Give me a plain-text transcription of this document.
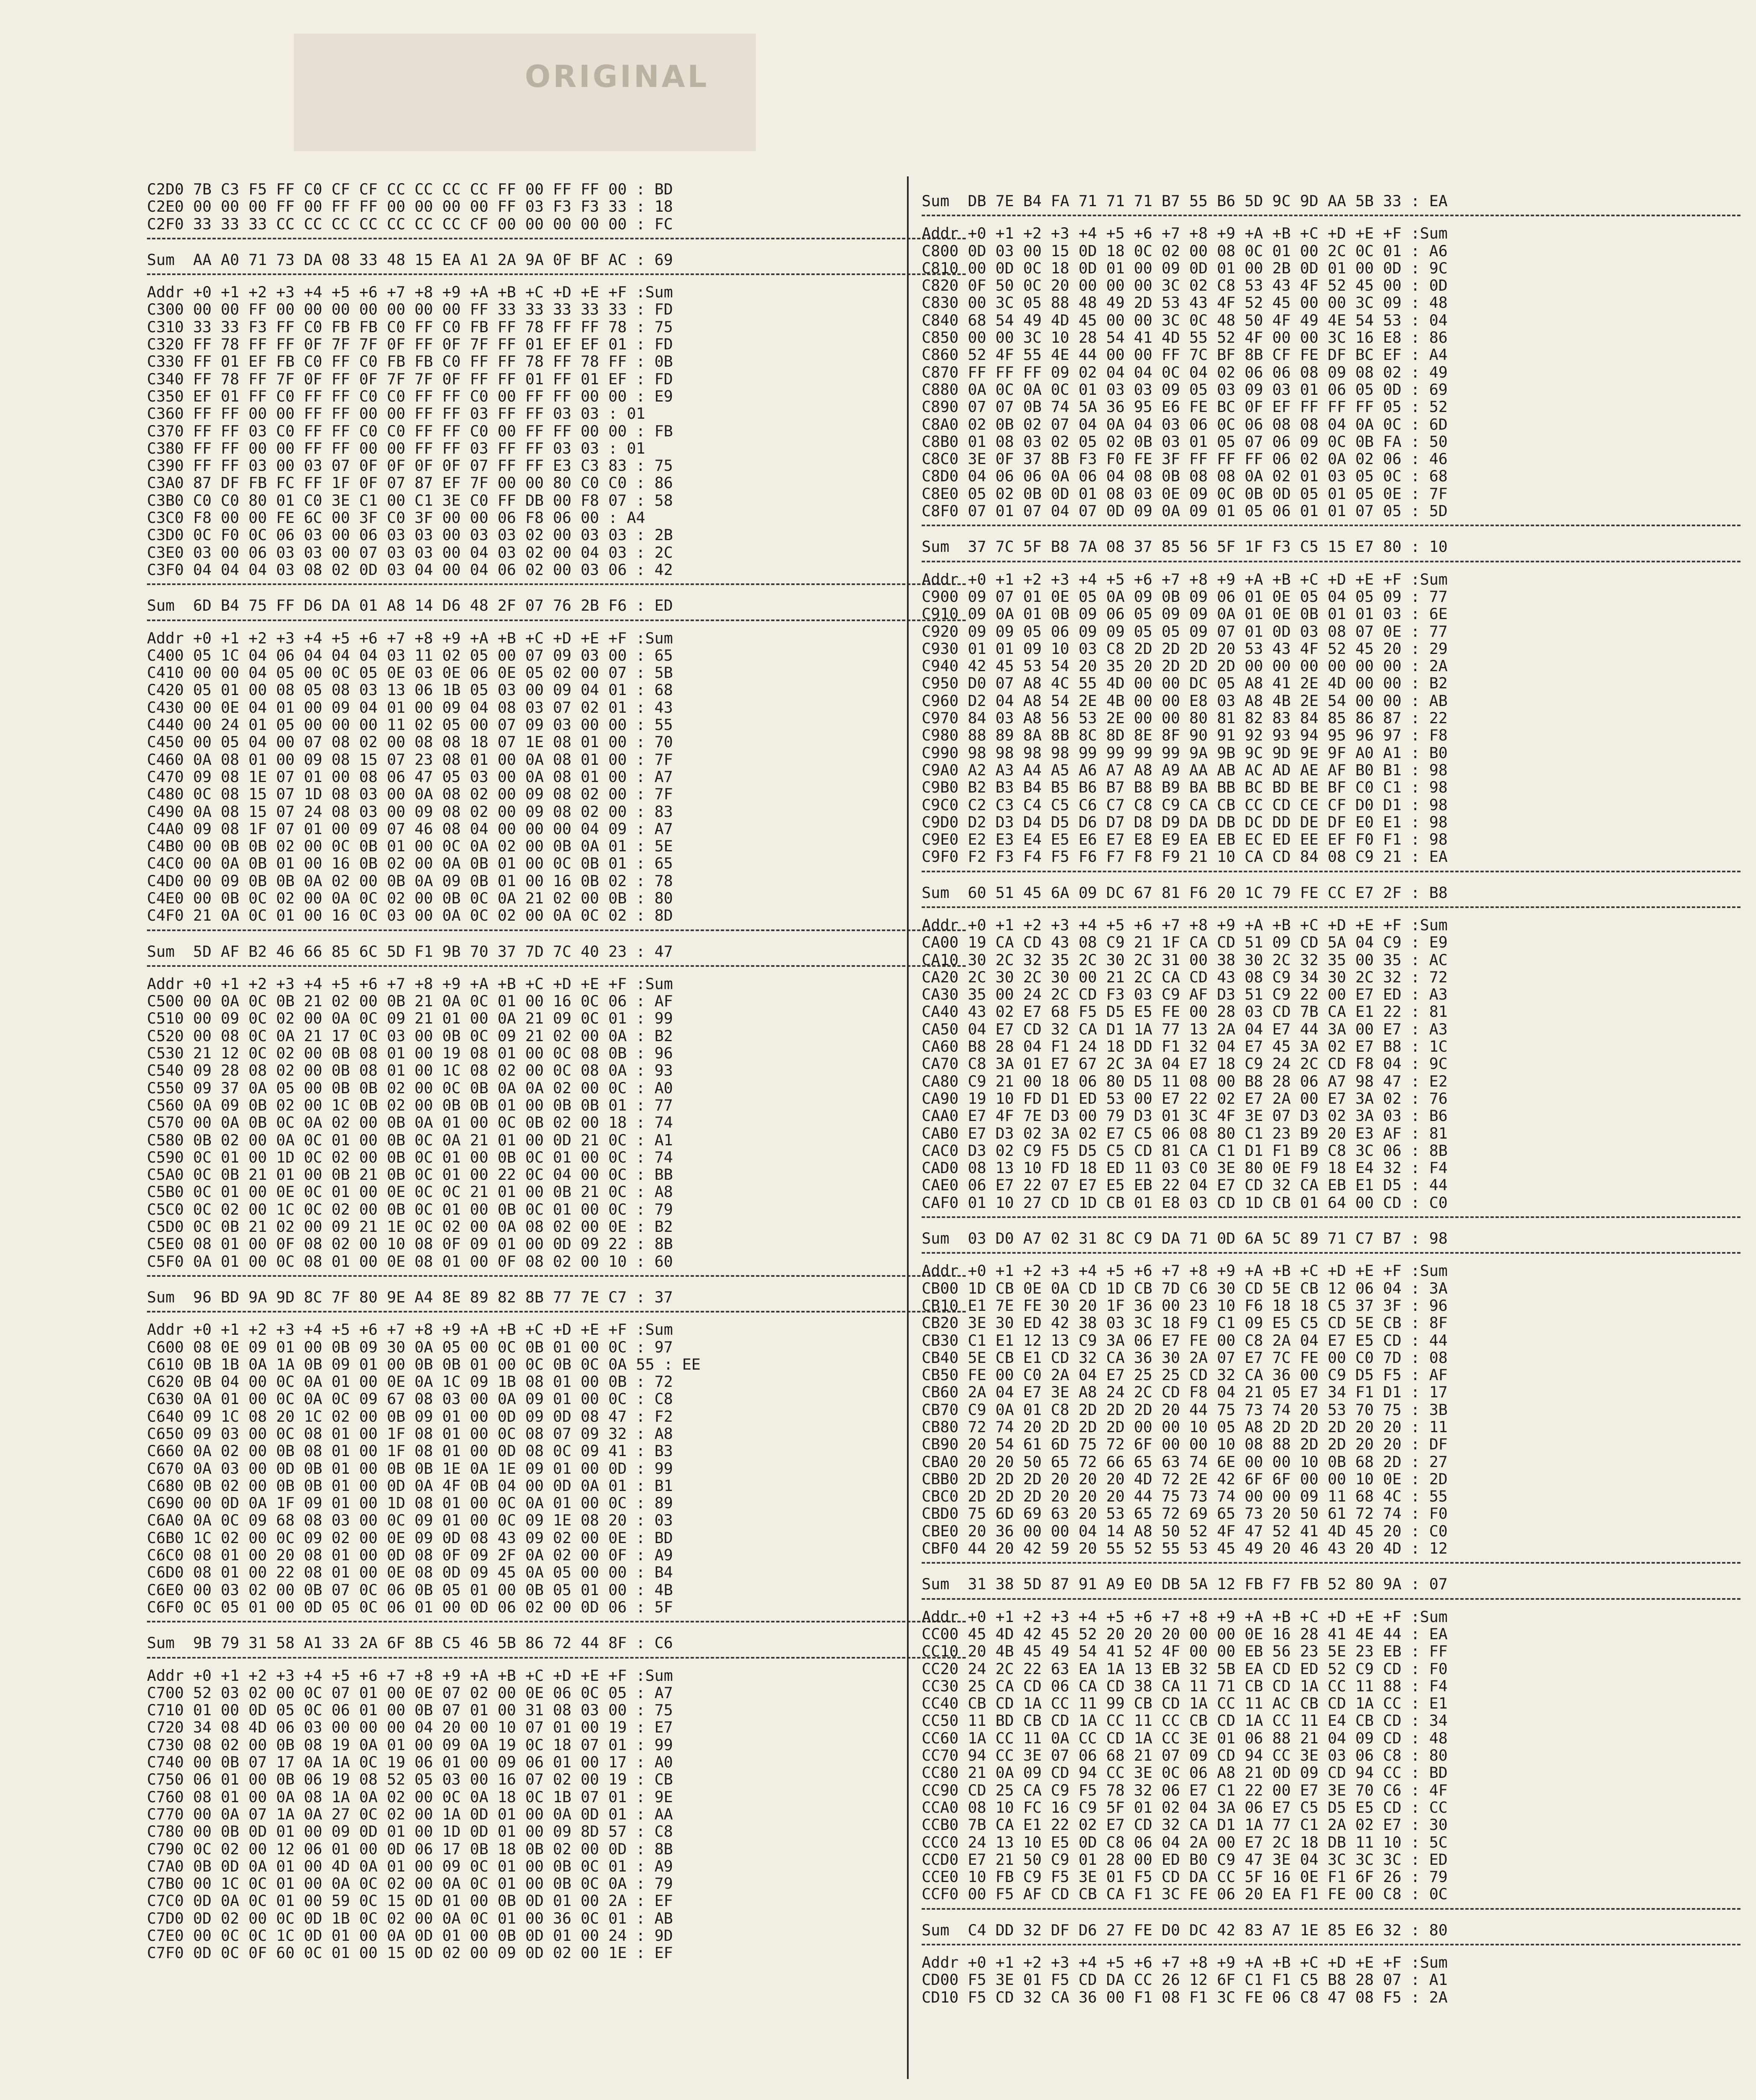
ORIGINAL
C2D0 7B C3 F5 FF C0 CF CF CC CC CC CC FF 00 FF FF 00 : BD
C2E0 00 00 00 FF 00 FF FF 00 00 00 00 FF 03 F3 F3 33 : 18
C2F0 33 33 33 CC CC CC CC CC CC CC CF 00 00 00 00 00 : FC
Sum  AA A0 71 73 DA 08 33 48 15 EA A1 2A 9A 0F BF AC : 69
Addr +0 +1 +2 +3 +4 +5 +6 +7 +8 +9 +A +B +C +D +E +F :Sum
C300 00 00 FF 00 00 00 00 00 00 00 FF 33 33 33 33 33 : FD
C310 33 33 F3 FF C0 FB FB C0 FF C0 FB FF 78 FF FF 78 : 75
C320 FF 78 FF FF 0F 7F 7F 0F FF 0F 7F FF 01 EF EF 01 : FD
C330 FF 01 EF FB C0 FF C0 FB FB C0 FF FF 78 FF 78 FF : 0B
C340 FF 78 FF 7F 0F FF 0F 7F 7F 0F FF FF 01 FF 01 EF : FD
C350 EF 01 FF C0 FF FF C0 C0 FF FF C0 00 FF FF 00 00 : E9
C360 FF FF 00 00 FF FF 00 00 FF FF 03 FF FF 03 03 : 01
C370 FF FF 03 C0 FF FF C0 C0 FF FF C0 00 FF FF 00 00 : FB
C380 FF FF 00 00 FF FF 00 00 FF FF 03 FF FF 03 03 : 01
C390 FF FF 03 00 03 07 0F 0F 0F 0F 07 FF FF E3 C3 83 : 75
C3A0 87 DF FB FC FF 1F 0F 07 87 EF 7F 00 00 80 C0 C0 : 86
C3B0 C0 C0 80 01 C0 3E C1 00 C1 3E C0 FF DB 00 F8 07 : 58
C3C0 F8 00 00 FE 6C 00 3F C0 3F 00 00 06 F8 06 00 : A4
C3D0 0C F0 0C 06 03 00 06 03 03 00 03 03 02 00 03 03 : 2B
C3E0 03 00 06 03 03 00 07 03 03 00 04 03 02 00 04 03 : 2C
C3F0 04 04 04 03 08 02 0D 03 04 00 04 06 02 00 03 06 : 42
Sum  6D B4 75 FF D6 DA 01 A8 14 D6 48 2F 07 76 2B F6 : ED
Addr +0 +1 +2 +3 +4 +5 +6 +7 +8 +9 +A +B +C +D +E +F :Sum
C400 05 1C 04 06 04 04 04 03 11 02 05 00 07 09 03 00 : 65
C410 00 00 04 05 00 0C 05 0E 03 0E 06 0E 05 02 00 07 : 5B
C420 05 01 00 08 05 08 03 13 06 1B 05 03 00 09 04 01 : 68
C430 00 0E 04 01 00 09 04 01 00 09 04 08 03 07 02 01 : 43
C440 00 24 01 05 00 00 00 11 02 05 00 07 09 03 00 00 : 55
C450 00 05 04 00 07 08 02 00 08 08 18 07 1E 08 01 00 : 70
C460 0A 08 01 00 09 08 15 07 23 08 01 00 0A 08 01 00 : 7F
C470 09 08 1E 07 01 00 08 06 47 05 03 00 0A 08 01 00 : A7
C480 0C 08 15 07 1D 08 03 00 0A 08 02 00 09 08 02 00 : 7F
C490 0A 08 15 07 24 08 03 00 09 08 02 00 09 08 02 00 : 83
C4A0 09 08 1F 07 01 00 09 07 46 08 04 00 00 00 04 09 : A7
C4B0 00 0B 0B 02 00 0C 0B 01 00 0C 0A 02 00 0B 0A 01 : 5E
C4C0 00 0A 0B 01 00 16 0B 02 00 0A 0B 01 00 0C 0B 01 : 65
C4D0 00 09 0B 0B 0A 02 00 0B 0A 09 0B 01 00 16 0B 02 : 78
C4E0 00 0B 0C 02 00 0A 0C 02 00 0B 0C 0A 21 02 00 0B : 80
C4F0 21 0A 0C 01 00 16 0C 03 00 0A 0C 02 00 0A 0C 02 : 8D
Sum  5D AF B2 46 66 85 6C 5D F1 9B 70 37 7D 7C 40 23 : 47
Addr +0 +1 +2 +3 +4 +5 +6 +7 +8 +9 +A +B +C +D +E +F :Sum
C500 00 0A 0C 0B 21 02 00 0B 21 0A 0C 01 00 16 0C 06 : AF
C510 00 09 0C 02 00 0A 0C 09 21 01 00 0A 21 09 0C 01 : 99
C520 00 08 0C 0A 21 17 0C 03 00 0B 0C 09 21 02 00 0A : B2
C530 21 12 0C 02 00 0B 08 01 00 19 08 01 00 0C 08 0B : 96
C540 09 28 08 02 00 0B 08 01 00 1C 08 02 00 0C 08 0A : 93
C550 09 37 0A 05 00 0B 0B 02 00 0C 0B 0A 0A 02 00 0C : A0
C560 0A 09 0B 02 00 1C 0B 02 00 0B 0B 01 00 0B 0B 01 : 77
C570 00 0A 0B 0C 0A 02 00 0B 0A 01 00 0C 0B 02 00 18 : 74
C580 0B 02 00 0A 0C 01 00 0B 0C 0A 21 01 00 0D 21 0C : A1
C590 0C 01 00 1D 0C 02 00 0B 0C 01 00 0B 0C 01 00 0C : 74
C5A0 0C 0B 21 01 00 0B 21 0B 0C 01 00 22 0C 04 00 0C : BB
C5B0 0C 01 00 0E 0C 01 00 0E 0C 0C 21 01 00 0B 21 0C : A8
C5C0 0C 02 00 1C 0C 02 00 0B 0C 01 00 0B 0C 01 00 0C : 79
C5D0 0C 0B 21 02 00 09 21 1E 0C 02 00 0A 08 02 00 0E : B2
C5E0 08 01 00 0F 08 02 00 10 08 0F 09 01 00 0D 09 22 : 8B
C5F0 0A 01 00 0C 08 01 00 0E 08 01 00 0F 08 02 00 10 : 60
Sum  96 BD 9A 9D 8C 7F 80 9E A4 8E 89 82 8B 77 7E C7 : 37
Addr +0 +1 +2 +3 +4 +5 +6 +7 +8 +9 +A +B +C +D +E +F :Sum
C600 08 0E 09 01 00 0B 09 30 0A 05 00 0C 0B 01 00 0C : 97
C610 0B 1B 0A 1A 0B 09 01 00 0B 0B 01 00 0C 0B 0C 0A 55 : EE
C620 0B 04 00 0C 0A 01 00 0E 0A 1C 09 1B 08 01 00 0B : 72
C630 0A 01 00 0C 0A 0C 09 67 08 03 00 0A 09 01 00 0C : C8
C640 09 1C 08 20 1C 02 00 0B 09 01 00 0D 09 0D 08 47 : F2
C650 09 03 00 0C 08 01 00 1F 08 01 00 0C 08 07 09 32 : A8
C660 0A 02 00 0B 08 01 00 1F 08 01 00 0D 08 0C 09 41 : B3
C670 0A 03 00 0D 0B 01 00 0B 0B 1E 0A 1E 09 01 00 0D : 99
C680 0B 02 00 0B 0B 01 00 0D 0A 4F 0B 04 00 0D 0A 01 : B1
C690 00 0D 0A 1F 09 01 00 1D 08 01 00 0C 0A 01 00 0C : 89
C6A0 0A 0C 09 68 08 03 00 0C 09 01 00 0C 09 1E 08 20 : 03
C6B0 1C 02 00 0C 09 02 00 0E 09 0D 08 43 09 02 00 0E : BD
C6C0 08 01 00 20 08 01 00 0D 08 0F 09 2F 0A 02 00 0F : A9
C6D0 08 01 00 22 08 01 00 0E 08 0D 09 45 0A 05 00 00 : B4
C6E0 00 03 02 00 0B 07 0C 06 0B 05 01 00 0B 05 01 00 : 4B
C6F0 0C 05 01 00 0D 05 0C 06 01 00 0D 06 02 00 0D 06 : 5F
Sum  9B 79 31 58 A1 33 2A 6F 8B C5 46 5B 86 72 44 8F : C6
Addr +0 +1 +2 +3 +4 +5 +6 +7 +8 +9 +A +B +C +D +E +F :Sum
C700 52 03 02 00 0C 07 01 00 0E 07 02 00 0E 06 0C 05 : A7
C710 01 00 0D 05 0C 06 01 00 0B 07 01 00 31 08 03 00 : 75
C720 34 08 4D 06 03 00 00 00 04 20 00 10 07 01 00 19 : E7
C730 08 02 00 0B 08 19 0A 01 00 09 0A 19 0C 18 07 01 : 99
C740 00 0B 07 17 0A 1A 0C 19 06 01 00 09 06 01 00 17 : A0
C750 06 01 00 0B 06 19 08 52 05 03 00 16 07 02 00 19 : CB
C760 08 01 00 0A 08 1A 0A 02 00 0C 0A 18 0C 1B 07 01 : 9E
C770 00 0A 07 1A 0A 27 0C 02 00 1A 0D 01 00 0A 0D 01 : AA
C780 00 0B 0D 01 00 09 0D 01 00 1D 0D 01 00 09 8D 57 : C8
C790 0C 02 00 12 06 01 00 0D 06 17 0B 18 0B 02 00 0D : 8B
C7A0 0B 0D 0A 01 00 4D 0A 01 00 09 0C 01 00 0B 0C 01 : A9
C7B0 00 1C 0C 01 00 0A 0C 02 00 0A 0C 01 00 0B 0C 0A : 79
C7C0 0D 0A 0C 01 00 59 0C 15 0D 01 00 0B 0D 01 00 2A : EF
C7D0 0D 02 00 0C 0D 1B 0C 02 00 0A 0C 01 00 36 0C 01 : AB
C7E0 00 0C 0C 1C 0D 01 00 0A 0D 01 00 0B 0D 01 00 24 : 9D
C7F0 0D 0C 0F 60 0C 01 00 15 0D 02 00 09 0D 02 00 1E : EF
Sum  DB 7E B4 FA 71 71 71 B7 55 B6 5D 9C 9D AA 5B 33 : EA
Addr +0 +1 +2 +3 +4 +5 +6 +7 +8 +9 +A +B +C +D +E +F :Sum
C800 0D 03 00 15 0D 18 0C 02 00 08 0C 01 00 2C 0C 01 : A6
C810 00 0D 0C 18 0D 01 00 09 0D 01 00 2B 0D 01 00 0D : 9C
C820 0F 50 0C 20 00 00 00 3C 02 C8 53 43 4F 52 45 00 : 0D
C830 00 3C 05 88 48 49 2D 53 43 4F 52 45 00 00 3C 09 : 48
C840 68 54 49 4D 45 00 00 3C 0C 48 50 4F 49 4E 54 53 : 04
C850 00 00 3C 10 28 54 41 4D 55 52 4F 00 00 3C 16 E8 : 86
C860 52 4F 55 4E 44 00 00 FF 7C BF 8B CF FE DF BC EF : A4
C870 FF FF FF 09 02 04 04 0C 04 02 06 06 08 09 08 02 : 49
C880 0A 0C 0A 0C 01 03 03 09 05 03 09 03 01 06 05 0D : 69
C890 07 07 0B 74 5A 36 95 E6 FE BC 0F EF FF FF FF 05 : 52
C8A0 02 0B 02 07 04 0A 04 03 06 0C 06 08 08 04 0A 0C : 6D
C8B0 01 08 03 02 05 02 0B 03 01 05 07 06 09 0C 0B FA : 50
C8C0 3E 0F 37 8B F3 F0 FE 3F FF FF FF 06 02 0A 02 06 : 46
C8D0 04 06 06 0A 06 04 08 0B 08 08 0A 02 01 03 05 0C : 68
C8E0 05 02 0B 0D 01 08 03 0E 09 0C 0B 0D 05 01 05 0E : 7F
C8F0 07 01 07 04 07 0D 09 0A 09 01 05 06 01 01 07 05 : 5D
Sum  37 7C 5F B8 7A 08 37 85 56 5F 1F F3 C5 15 E7 80 : 10
Addr +0 +1 +2 +3 +4 +5 +6 +7 +8 +9 +A +B +C +D +E +F :Sum
C900 09 07 01 0E 05 0A 09 0B 09 06 01 0E 05 04 05 09 : 77
C910 09 0A 01 0B 09 06 05 09 09 0A 01 0E 0B 01 01 03 : 6E
C920 09 09 05 06 09 09 05 05 09 07 01 0D 03 08 07 0E : 77
C930 01 01 09 10 03 C8 2D 2D 2D 20 53 43 4F 52 45 20 : 29
C940 42 45 53 54 20 35 20 2D 2D 2D 00 00 00 00 00 00 : 2A
C950 D0 07 A8 4C 55 4D 00 00 DC 05 A8 41 2E 4D 00 00 : B2
C960 D2 04 A8 54 2E 4B 00 00 E8 03 A8 4B 2E 54 00 00 : AB
C970 84 03 A8 56 53 2E 00 00 80 81 82 83 84 85 86 87 : 22
C980 88 89 8A 8B 8C 8D 8E 8F 90 91 92 93 94 95 96 97 : F8
C990 98 98 98 98 99 99 99 99 9A 9B 9C 9D 9E 9F A0 A1 : B0
C9A0 A2 A3 A4 A5 A6 A7 A8 A9 AA AB AC AD AE AF B0 B1 : 98
C9B0 B2 B3 B4 B5 B6 B7 B8 B9 BA BB BC BD BE BF C0 C1 : 98
C9C0 C2 C3 C4 C5 C6 C7 C8 C9 CA CB CC CD CE CF D0 D1 : 98
C9D0 D2 D3 D4 D5 D6 D7 D8 D9 DA DB DC DD DE DF E0 E1 : 98
C9E0 E2 E3 E4 E5 E6 E7 E8 E9 EA EB EC ED EE EF F0 F1 : 98
C9F0 F2 F3 F4 F5 F6 F7 F8 F9 21 10 CA CD 84 08 C9 21 : EA
Sum  60 51 45 6A 09 DC 67 81 F6 20 1C 79 FE CC E7 2F : B8
Addr +0 +1 +2 +3 +4 +5 +6 +7 +8 +9 +A +B +C +D +E +F :Sum
CA00 19 CA CD 43 08 C9 21 1F CA CD 51 09 CD 5A 04 C9 : E9
CA10 30 2C 32 35 2C 30 2C 31 00 38 30 2C 32 35 00 35 : AC
CA20 2C 30 2C 30 00 21 2C CA CD 43 08 C9 34 30 2C 32 : 72
CA30 35 00 24 2C CD F3 03 C9 AF D3 51 C9 22 00 E7 ED : A3
CA40 43 02 E7 68 F5 D5 E5 FE 00 28 03 CD 7B CA E1 22 : 81
CA50 04 E7 CD 32 CA D1 1A 77 13 2A 04 E7 44 3A 00 E7 : A3
CA60 B8 28 04 F1 24 18 DD F1 32 04 E7 45 3A 02 E7 B8 : 1C
CA70 C8 3A 01 E7 67 2C 3A 04 E7 18 C9 24 2C CD F8 04 : 9C
CA80 C9 21 00 18 06 80 D5 11 08 00 B8 28 06 A7 98 47 : E2
CA90 19 10 FD D1 ED 53 00 E7 22 02 E7 2A 00 E7 3A 02 : 76
CAA0 E7 4F 7E D3 00 79 D3 01 3C 4F 3E 07 D3 02 3A 03 : B6
CAB0 E7 D3 02 3A 02 E7 C5 06 08 80 C1 23 B9 20 E3 AF : 81
CAC0 D3 02 C9 F5 D5 C5 CD 81 CA C1 D1 F1 B9 C8 3C 06 : 8B
CAD0 08 13 10 FD 18 ED 11 03 C0 3E 80 0E F9 18 E4 32 : F4
CAE0 06 E7 22 07 E7 E5 EB 22 04 E7 CD 32 CA EB E1 D5 : 44
CAF0 01 10 27 CD 1D CB 01 E8 03 CD 1D CB 01 64 00 CD : C0
Sum  03 D0 A7 02 31 8C C9 DA 71 0D 6A 5C 89 71 C7 B7 : 98
Addr +0 +1 +2 +3 +4 +5 +6 +7 +8 +9 +A +B +C +D +E +F :Sum
CB00 1D CB 0E 0A CD 1D CB 7D C6 30 CD 5E CB 12 06 04 : 3A
CB10 E1 7E FE 30 20 1F 36 00 23 10 F6 18 18 C5 37 3F : 96
CB20 3E 30 ED 42 38 03 3C 18 F9 C1 09 E5 C5 CD 5E CB : 8F
CB30 C1 E1 12 13 C9 3A 06 E7 FE 00 C8 2A 04 E7 E5 CD : 44
CB40 5E CB E1 CD 32 CA 36 30 2A 07 E7 7C FE 00 C0 7D : 08
CB50 FE 00 C0 2A 04 E7 25 25 CD 32 CA 36 00 C9 D5 F5 : AF
CB60 2A 04 E7 3E A8 24 2C CD F8 04 21 05 E7 34 F1 D1 : 17
CB70 C9 0A 01 C8 2D 2D 2D 20 44 75 73 74 20 53 70 75 : 3B
CB80 72 74 20 2D 2D 2D 00 00 10 05 A8 2D 2D 2D 20 20 : 11
CB90 20 54 61 6D 75 72 6F 00 00 10 08 88 2D 2D 20 20 : DF
CBA0 20 20 50 65 72 66 65 63 74 6E 00 00 10 0B 68 2D : 27
CBB0 2D 2D 2D 20 20 20 4D 72 2E 42 6F 6F 00 00 10 0E : 2D
CBC0 2D 2D 2D 20 20 20 44 75 73 74 00 00 09 11 68 4C : 55
CBD0 75 6D 69 63 20 53 65 72 69 65 73 20 50 61 72 74 : F0
CBE0 20 36 00 00 04 14 A8 50 52 4F 47 52 41 4D 45 20 : C0
CBF0 44 20 42 59 20 55 52 55 53 45 49 20 46 43 20 4D : 12
Sum  31 38 5D 87 91 A9 E0 DB 5A 12 FB F7 FB 52 80 9A : 07
Addr +0 +1 +2 +3 +4 +5 +6 +7 +8 +9 +A +B +C +D +E +F :Sum
CC00 45 4D 42 45 52 20 20 20 00 00 0E 16 28 41 4E 44 : EA
CC10 20 4B 45 49 54 41 52 4F 00 00 EB 56 23 5E 23 EB : FF
CC20 24 2C 22 63 EA 1A 13 EB 32 5B EA CD ED 52 C9 CD : F0
CC30 25 CA CD 06 CA CD 38 CA 11 71 CB CD 1A CC 11 88 : F4
CC40 CB CD 1A CC 11 99 CB CD 1A CC 11 AC CB CD 1A CC : E1
CC50 11 BD CB CD 1A CC 11 CC CB CD 1A CC 11 E4 CB CD : 34
CC60 1A CC 11 0A CC CD 1A CC 3E 01 06 88 21 04 09 CD : 48
CC70 94 CC 3E 07 06 68 21 07 09 CD 94 CC 3E 03 06 C8 : 80
CC80 21 0A 09 CD 94 CC 3E 0C 06 A8 21 0D 09 CD 94 CC : BD
CC90 CD 25 CA C9 F5 78 32 06 E7 C1 22 00 E7 3E 70 C6 : 4F
CCA0 08 10 FC 16 C9 5F 01 02 04 3A 06 E7 C5 D5 E5 CD : CC
CCB0 7B CA E1 22 02 E7 CD 32 CA D1 1A 77 C1 2A 02 E7 : 30
CCC0 24 13 10 E5 0D C8 06 04 2A 00 E7 2C 18 DB 11 10 : 5C
CCD0 E7 21 50 C9 01 28 00 ED B0 C9 47 3E 04 3C 3C 3C : ED
CCE0 10 FB C9 F5 3E 01 F5 CD DA CC 5F 16 0E F1 6F 26 : 79
CCF0 00 F5 AF CD CB CA F1 3C FE 06 20 EA F1 FE 00 C8 : 0C
Sum  C4 DD 32 DF D6 27 FE D0 DC 42 83 A7 1E 85 E6 32 : 80
Addr +0 +1 +2 +3 +4 +5 +6 +7 +8 +9 +A +B +C +D +E +F :Sum
CD00 F5 3E 01 F5 CD DA CC 26 12 6F C1 F1 C5 B8 28 07 : A1
CD10 F5 CD 32 CA 36 00 F1 08 F1 3C FE 06 C8 47 08 F5 : 2A
